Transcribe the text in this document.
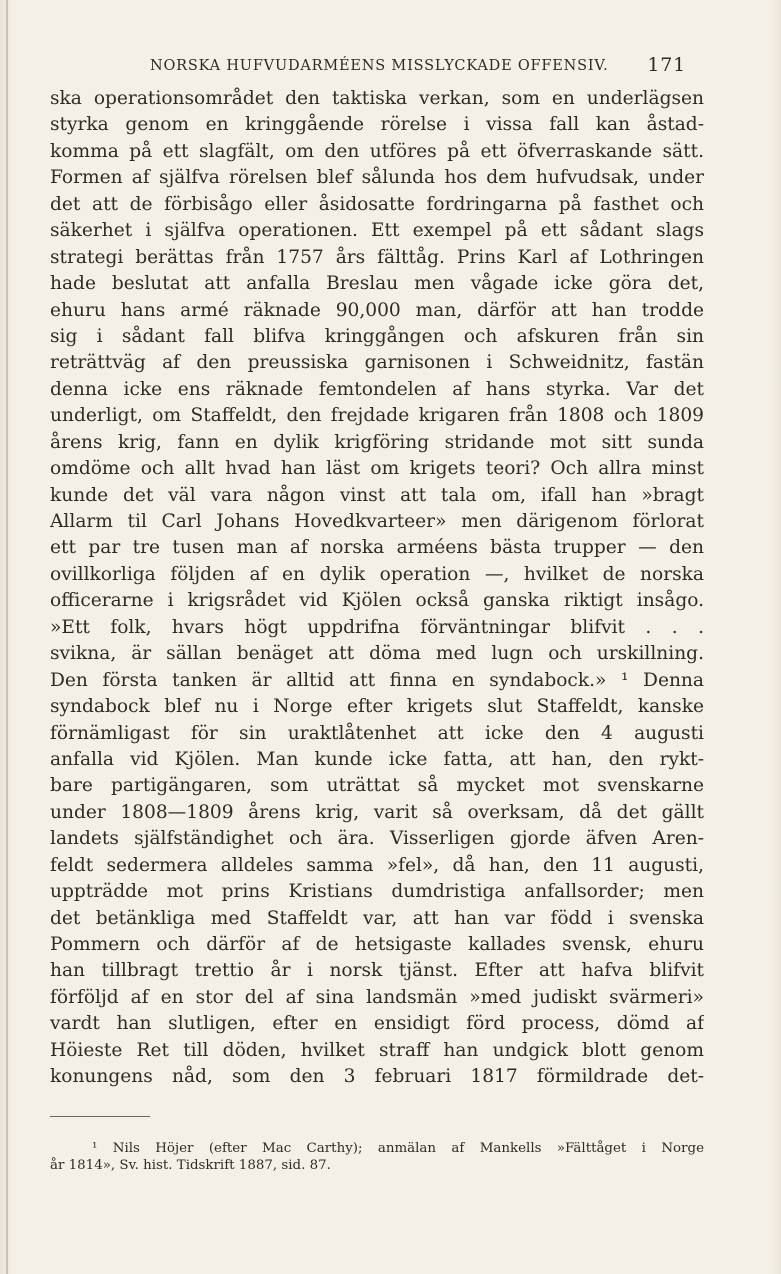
NORSKA HUFVUDARMÉENS MISSLYCKADE OFFENSIV. 171
ska operationsområdet den taktiska verkan, som en underlägsen
styrka genom en kringgående rörelse i vissa fall kan åstad-
komma på ett slagfält, om den utföres på ett öfverraskande sätt.
Formen af själfva rörelsen blef sålunda hos dem hufvudsak, under
det att de förbisågo eller åsidosatte fordringarna på fasthet och
säkerhet i själfva operationen. Ett exempel på ett sådant slags
strategi berättas från 1757 års fälttåg. Prins Karl af Lothringen
hade beslutat att anfalla Breslau men vågade icke göra det,
ehuru hans armé räknade 90,000 man, därför att han trodde
sig i sådant fall blifva kringgången och afskuren från sin
reträttväg af den preussiska garnisonen i Schweidnitz, fastän
denna icke ens räknade femtondelen af hans styrka. Var det
underligt, om Staffeldt, den frejdade krigaren från 1808 och 1809
årens krig, fann en dylik krigföring stridande mot sitt sunda
omdöme och allt hvad han läst om krigets teori? Och allra minst
kunde det väl vara någon vinst att tala om, ifall han »bragt
Allarm til Carl Johans Hovedkvarteer» men därigenom förlorat
ett par tre tusen man af norska arméens bästa trupper — den
ovillkorliga följden af en dylik operation —, hvilket de norska
officerarne i krigsrådet vid Kjölen också ganska riktigt insågo.
»Ett folk, hvars högt uppdrifna förväntningar blifvit . . .
svikna, är sällan benäget att döma med lugn och urskillning.
Den första tanken är alltid att finna en syndabock.» ¹ Denna
syndabock blef nu i Norge efter krigets slut Staffeldt, kanske
förnämligast för sin uraktlåtenhet att icke den 4 augusti
anfalla vid Kjölen. Man kunde icke fatta, att han, den rykt-
bare partigängaren, som uträttat så mycket mot svenskarne
under 1808—1809 årens krig, varit så overksam, då det gällt
landets själfständighet och ära. Visserligen gjorde äfven Aren-
feldt sedermera alldeles samma »fel», då han, den 11 augusti,
uppträdde mot prins Kristians dumdristiga anfallsorder; men
det betänkliga med Staffeldt var, att han var född i svenska
Pommern och därför af de hetsigaste kallades svensk, ehuru
han tillbragt trettio år i norsk tjänst. Efter att hafva blifvit
förföljd af en stor del af sina landsmän »med judiskt svärmeri»
vardt han slutligen, efter en ensidigt förd process, dömd af
Höieste Ret till döden, hvilket straff han undgick blott genom
konungens nåd, som den 3 februari 1817 förmildrade det-
¹ Nils Höjer (efter Mac Carthy); anmälan af Mankells »Fälttåget i Norge
år 1814», Sv. hist. Tidskrift 1887, sid. 87.
